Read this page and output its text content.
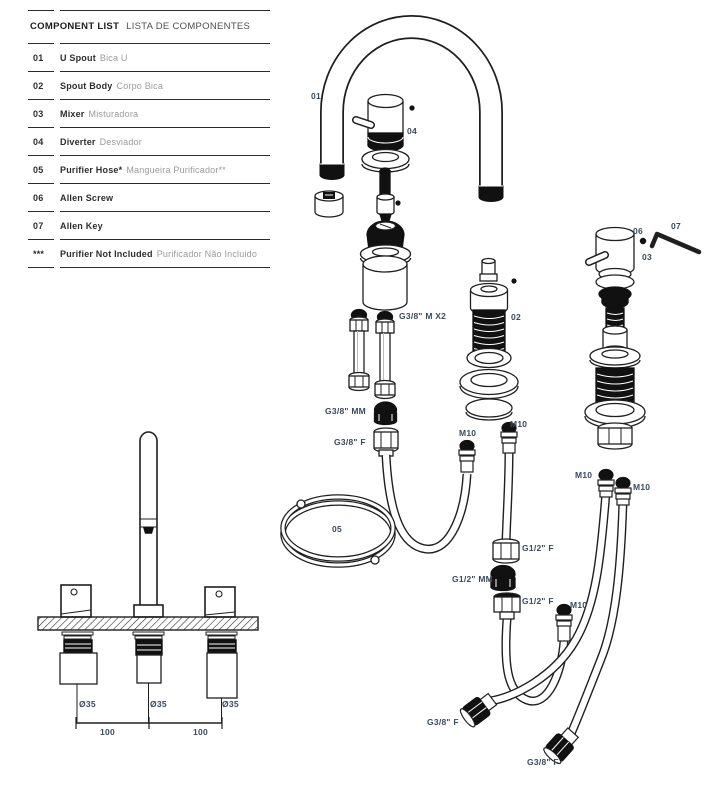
COMPONENT LIST LISTA DE COMPONENTES
01	U Spout Bica U
02	Spout Body Corpo Bica
03	Mixer Misturadora
04	Diverter Desviador
05	Purifier Hose* Mangueira Purificador**
06	Allen Screw
07	Allen Key
***	Purifier Not Included Purificador Não Incluido
01
04
G3/8" M X2	02
G3/8" MM
G3/8" F
M10
M10
05
G1/2" F
G1/2" MM
G1/2" F
M10
M10
M10
G3/8" F
G3/8" F
06	07
03
Ø35	Ø35	Ø35
100	100
